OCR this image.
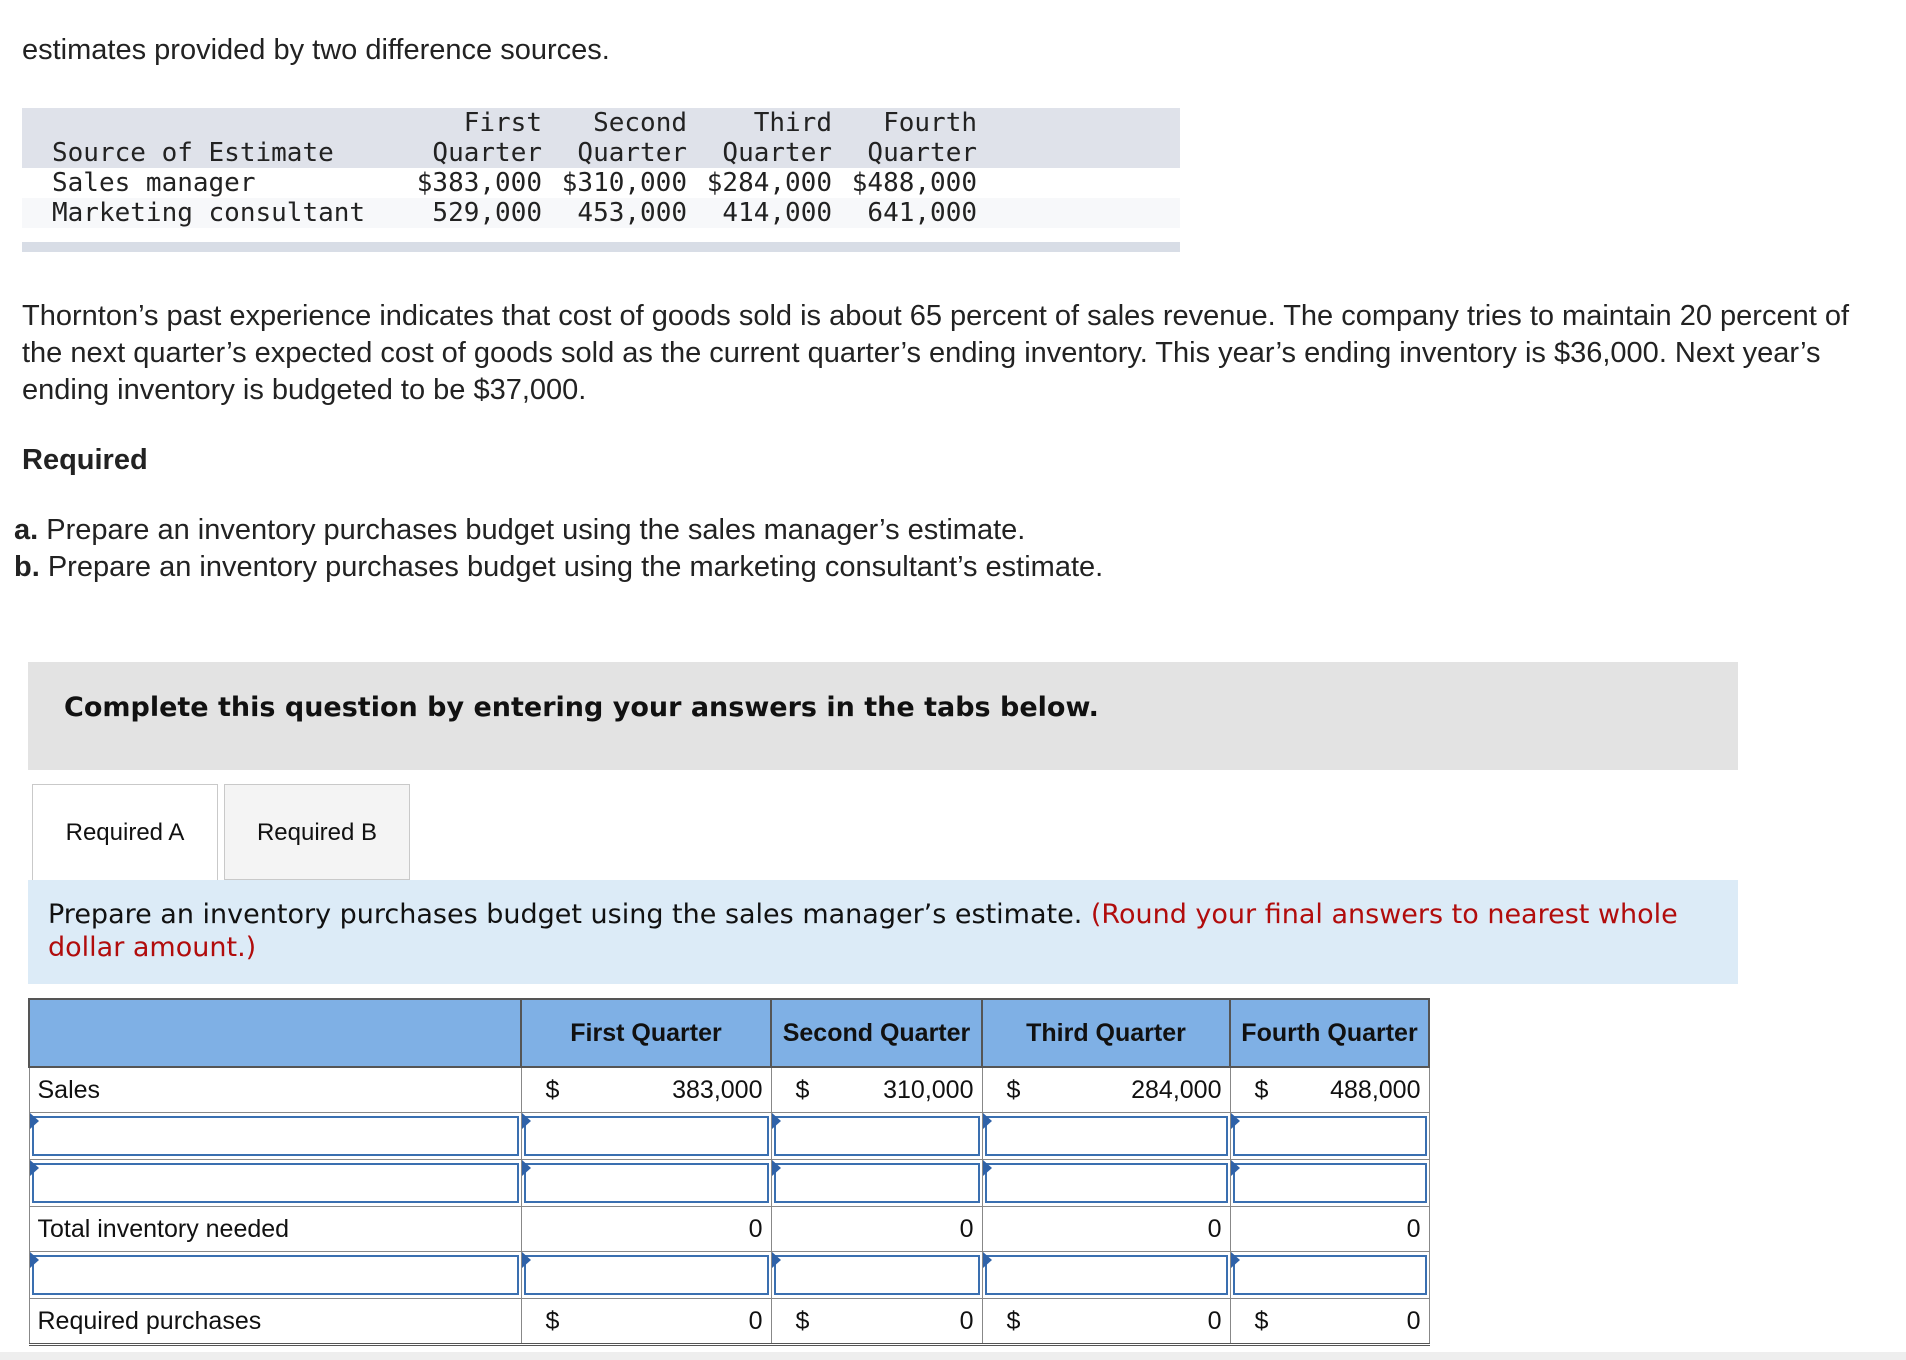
estimates provided by two difference sources.
First	Second	Third	Fourth
Source of Estimate	Quarter	Quarter	Quarter	Quarter
Sales manager	$383,000 $310,000 $284,000 $488,000
Marketing consultant	529,000	453,000	414,000	641,000
Thornton’s past experience indicates that cost of goods sold is about 65 percent of sales revenue. The company tries to maintain 20 percent of the next quarter’s expected cost of goods sold as the current quarter’s ending inventory. This year’s ending inventory is $36,000. Next year’s ending inventory is budgeted to be $37,000.
Required
a. Prepare an inventory purchases budget using the sales manager’s estimate.
b. Prepare an inventory purchases budget using the marketing consultant’s estimate.
Complete this question by entering your answers in the tabs below.
Required A	Required B
Prepare an inventory purchases budget using the sales manager’s estimate. (Round your final answers to nearest whole dollar amount.)
	First Quarter	Second Quarter	Third Quarter	Fourth Quarter
Sales	$ 383,000	$ 310,000	$ 284,000	$ 488,000

Total inventory needed	0	0	0	0

Required purchases	$ 0	$ 0	$ 0	$ 0
